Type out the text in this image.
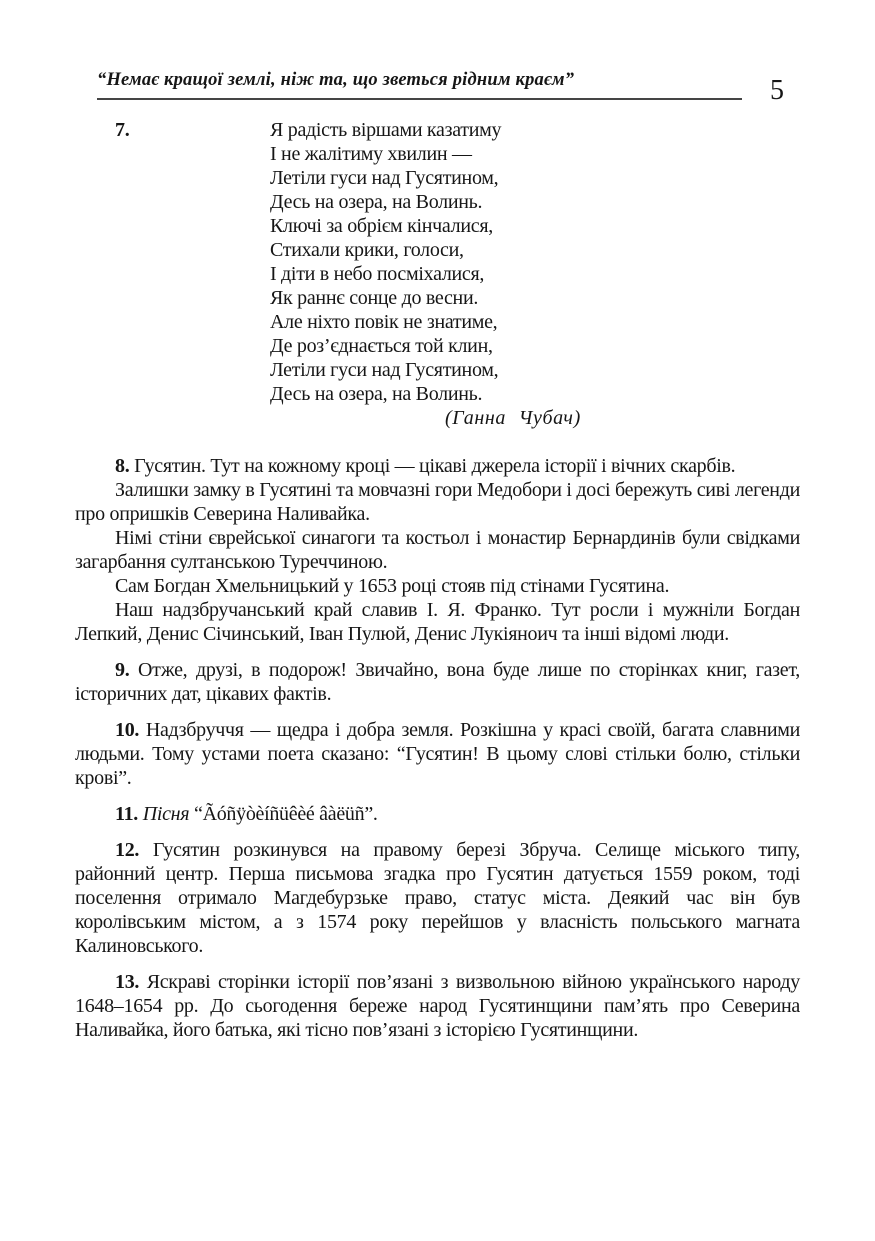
“Немає кращої землі, ніж та, що зветься рідним краєм”	5
7.	Я радість віршами казатиму
І не жалітиму хвилин —
Летіли гуси над Гусятином,
Десь на озера, на Волинь.
Ключі за обрієм кінчалися,
Стихали крики, голоси,
І діти в небо посміхалися,
Як раннє сонце до весни.
Але ніхто повік не знатиме,
Де роз’єднається той клин,
Летіли гуси над Гусятином,
Десь на озера, на Волинь.
(Ганна Чубач)

8. Гусятин. Тут на кожному кроці — цікаві джерела історії і вічних скарбів.

Залишки замку в Гусятині та мовчазні гори Медобори і досі бережуть сиві легенди про опришків Северина Наливайка.

Німі стіни єврейської синагоги та костьол і монастир Бернардинів були свідками загарбання султанською Туреччиною.

Сам Богдан Хмельницький у 1653 році стояв під стінами Гусятина.

Наш надзбручанський край славив І. Я. Франко. Тут росли і мужніли Богдан Лепкий, Денис Січинський, Іван Пулюй, Денис Лукіяноич та інші відомі люди.

9. Отже, друзі, в подорож! Звичайно, вона буде лише по сторінках книг, газет, історичних дат, цікавих фактів.

10. Надзбруччя — щедра і добра земля. Розкішна у красі своїй, багата славними людьми. Тому устами поета сказано: “Гусятин! В цьому слові стільки болю, стільки крові”.

11. Пісня “Ãóñÿòèíñüêèé âàëüñ”.

12. Гусятин розкинувся на правому березі Збруча. Селище міського типу, районний центр. Перша письмова згадка про Гусятин датується 1559 роком, тоді поселення отримало Магдебурзьке право, статус міста. Деякий час він був королівським містом, а з 1574 року перейшов у власність польського магната Калиновського.

13. Яскраві сторінки історії пов’язані з визвольною війною українського народу 1648–1654 рр. До сьогодення береже народ Гусятинщини пам’ять про Северина Наливайка, його батька, які тісно пов’язані з історією Гусятинщини.
